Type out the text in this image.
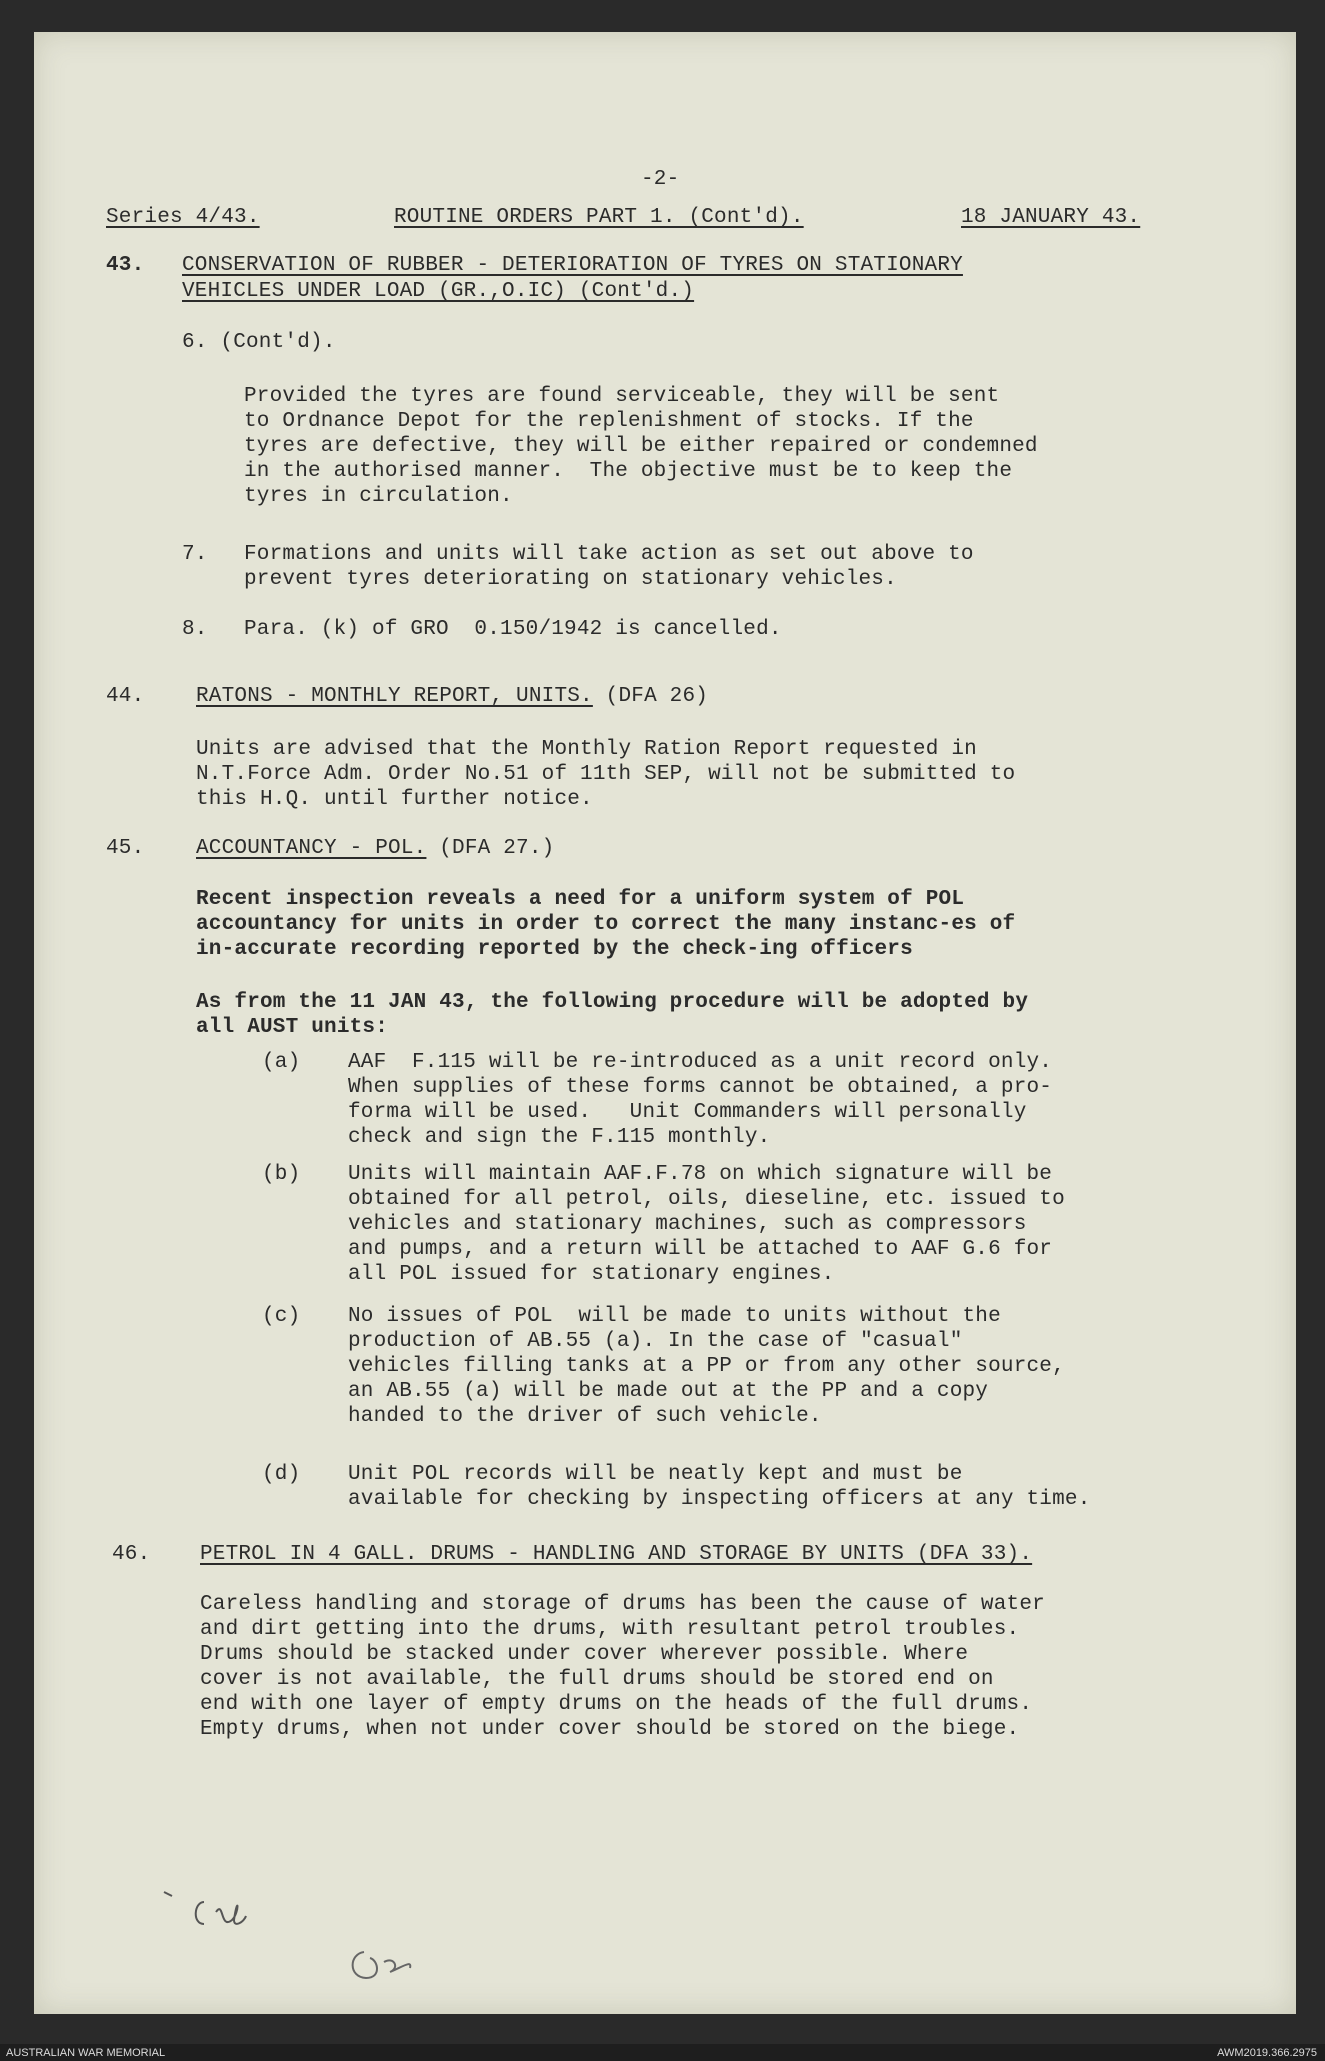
-2-
Series 4/43.	ROUTINE ORDERS PART 1. (Cont'd).	18 JANUARY 43.
43. CONSERVATION OF RUBBER - DETERIORATION OF TYRES ON STATIONARY
VEHICLES UNDER LOAD (GR.,O.IC) (Cont'd.)
6. (Cont'd).
Provided the tyres are found serviceable, they will be sent
to Ordnance Depot for the replenishment of stocks. If the
tyres are defective, they will be either repaired or condemned
in the authorised manner.  The objective must be to keep the
tyres in circulation.
7. Formations and units will take action as set out above to
prevent tyres deteriorating on stationary vehicles.
8. Para. (k) of GRO  0.150/1942 is cancelled.
44. RATONS - MONTHLY REPORT, UNITS. (DFA 26)
Units are advised that the Monthly Ration Report requested in
N.T.Force Adm. Order No.51 of 11th SEP, will not be submitted to
this H.Q. until further notice.
45. ACCOUNTANCY - POL. (DFA 27.)
Recent inspection reveals a need for a uniform system of POL
accountancy for units in order to correct the many instanc-es of
in-accurate recording reported by the check-ing officers
As from the 11 JAN 43, the following procedure will be adopted by
all AUST units:
(a) AAF  F.115 will be re-introduced as a unit record only.
When supplies of these forms cannot be obtained, a pro-
forma will be used.   Unit Commanders will personally
check and sign the F.115 monthly.
(b) Units will maintain AAF.F.78 on which signature will be
obtained for all petrol, oils, dieseline, etc. issued to
vehicles and stationary machines, such as compressors
and pumps, and a return will be attached to AAF G.6 for
all POL issued for stationary engines.
(c) No issues of POL  will be made to units without the
production of AB.55 (a). In the case of "casual"
vehicles filling tanks at a PP or from any other source,
an AB.55 (a) will be made out at the PP and a copy
handed to the driver of such vehicle.
(d) Unit POL records will be neatly kept and must be
available for checking by inspecting officers at any time.
46. PETROL IN 4 GALL. DRUMS - HANDLING AND STORAGE BY UNITS (DFA 33).
Careless handling and storage of drums has been the cause of water
and dirt getting into the drums, with resultant petrol troubles.
Drums should be stacked under cover wherever possible. Where
cover is not available, the full drums should be stored end on
end with one layer of empty drums on the heads of the full drums.
Empty drums, when not under cover should be stored on the biege.
AUSTRALIAN WAR MEMORIAL	AWM2019.366.2975
